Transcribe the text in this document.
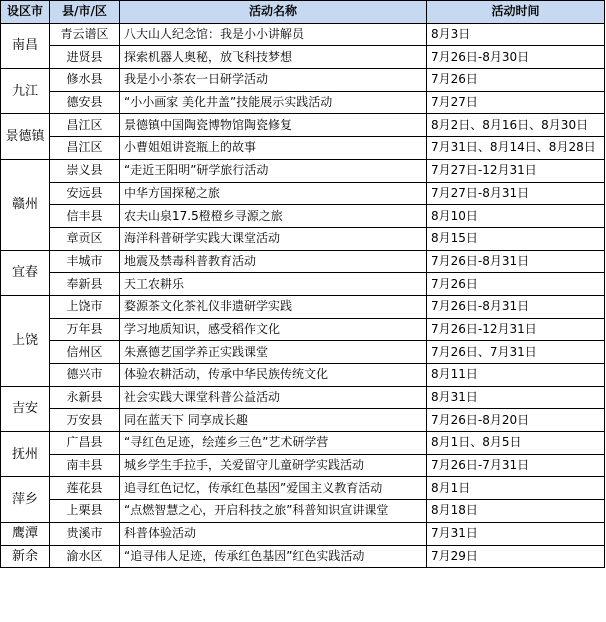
设区市	县/市/区	活动名称	活动时间
南昌	青云谱区	八大山人纪念馆：我是小小讲解员	8月3日
	进贤县	探索机器人奥秘，放飞科技梦想	7月26日-8月30日
九江	修水县	我是小小茶农一日研学活动	7月26日
	德安县	“小小画家 美化井盖”技能展示实践活动	7月27日
景德镇	昌江区	景德镇中国陶瓷博物馆陶瓷修复	8月2日、8月16日、8月30日
	昌江区	小曹姐姐讲瓷瓶上的故事	7月31日、8月14日、8月28日
赣州	崇义县	“走近王阳明”研学旅行活动	7月27日-12月31日
	安远县	中华方国探秘之旅	7月27日-8月31日
	信丰县	农夫山泉17.5橙橙乡寻源之旅	8月10日
	章贡区	海洋科普研学实践大课堂活动	8月15日
宜春	丰城市	地震及禁毒科普教育活动	7月26日-8月31日
	奉新县	天工农耕乐	7月26日
上饶	上饶市	婺源茶文化茶礼仪非遗研学实践	7月26日-8月31日
	万年县	学习地质知识，感受稻作文化	7月26日-12月31日
	信州区	朱熹德艺国学养正实践课堂	7月26日、7月31日
	德兴市	体验农耕活动，传承中华民族传统文化	8月11日
吉安	永新县	社会实践大课堂科普公益活动	8月31日
	万安县	同在蓝天下 同享成长趣	7月26日-8月20日
抚州	广昌县	“寻红色足迹，绘莲乡三色”艺术研学营	8月1日、8月5日
	南丰县	城乡学生手拉手，关爱留守儿童研学实践活动	7月26日-7月31日
萍乡	莲花县	追寻红色记忆，传承红色基因”爱国主义教育活动	8月1日
	上栗县	“点燃智慧之心，开启科技之旅”科普知识宣讲课堂	8月18日
鹰潭	贵溪市	科普体验活动	7月31日
新余	渝水区	“追寻伟人足迹，传承红色基因”红色实践活动	7月29日
